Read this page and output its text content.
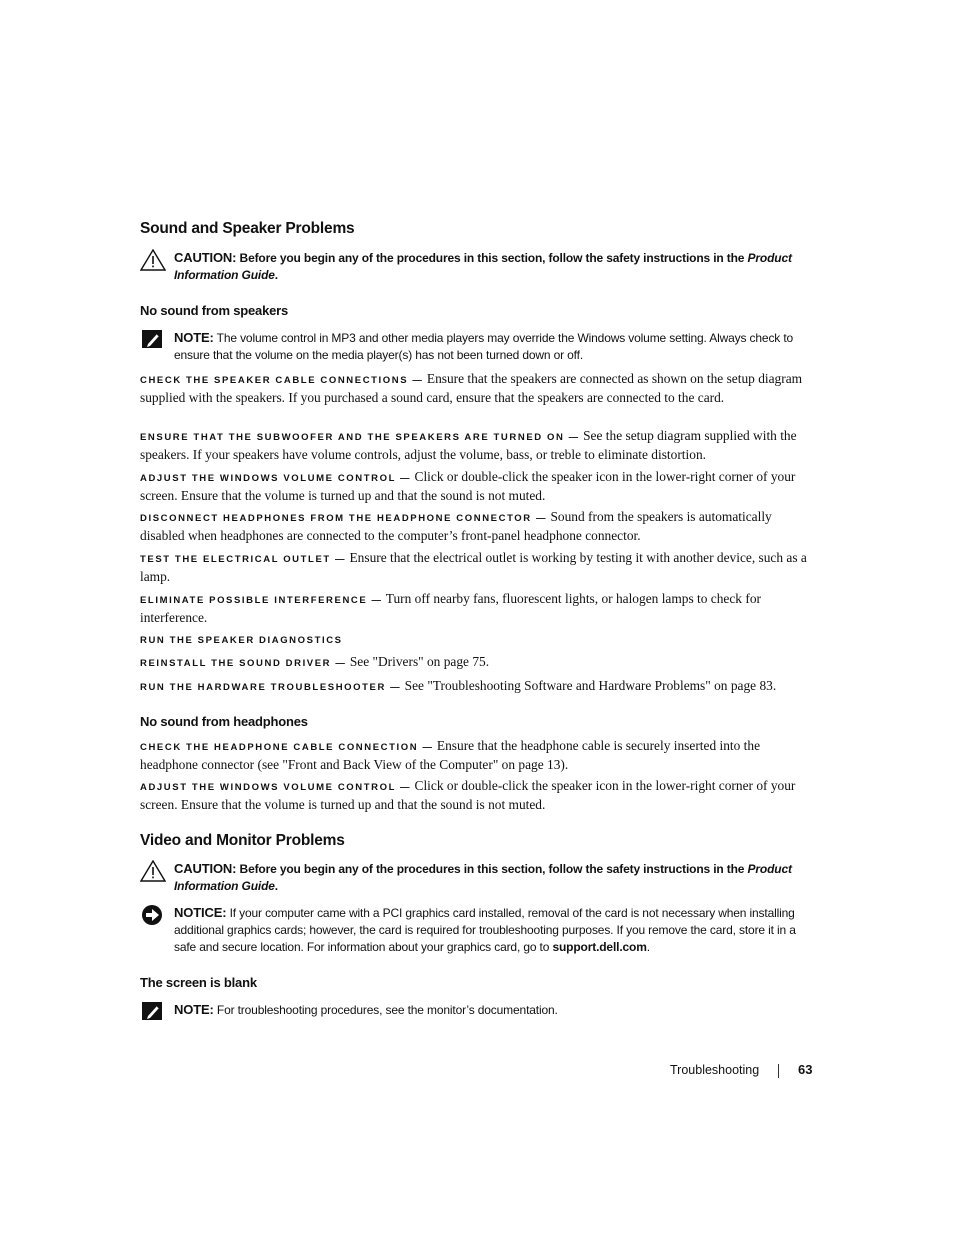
Sound and Speaker Problems
CAUTION: Before you begin any of the procedures in this section, follow the safety instructions in the Product Information Guide.
No sound from speakers
NOTE: The volume control in MP3 and other media players may override the Windows volume setting. Always check to ensure that the volume on the media player(s) has not been turned down or off.
CHECK THE SPEAKER CABLE CONNECTIONS — Ensure that the speakers are connected as shown on the setup diagram supplied with the speakers. If you purchased a sound card, ensure that the speakers are connected to the card.
ENSURE THAT THE SUBWOOFER AND THE SPEAKERS ARE TURNED ON — See the setup diagram supplied with the speakers. If your speakers have volume controls, adjust the volume, bass, or treble to eliminate distortion.
ADJUST THE WINDOWS VOLUME CONTROL — Click or double-click the speaker icon in the lower-right corner of your screen. Ensure that the volume is turned up and that the sound is not muted.
DISCONNECT HEADPHONES FROM THE HEADPHONE CONNECTOR — Sound from the speakers is automatically disabled when headphones are connected to the computer’s front-panel headphone connector.
TEST THE ELECTRICAL OUTLET — Ensure that the electrical outlet is working by testing it with another device, such as a lamp.
ELIMINATE POSSIBLE INTERFERENCE — Turn off nearby fans, fluorescent lights, or halogen lamps to check for interference.
RUN THE SPEAKER DIAGNOSTICS
REINSTALL THE SOUND DRIVER — See "Drivers" on page 75.
RUN THE HARDWARE TROUBLESHOOTER — See "Troubleshooting Software and Hardware Problems" on page 83.
No sound from headphones
CHECK THE HEADPHONE CABLE CONNECTION — Ensure that the headphone cable is securely inserted into the headphone connector (see "Front and Back View of the Computer" on page 13).
ADJUST THE WINDOWS VOLUME CONTROL — Click or double-click the speaker icon in the lower-right corner of your screen. Ensure that the volume is turned up and that the sound is not muted.
Video and Monitor Problems
CAUTION: Before you begin any of the procedures in this section, follow the safety instructions in the Product Information Guide.
NOTICE: If your computer came with a PCI graphics card installed, removal of the card is not necessary when installing additional graphics cards; however, the card is required for troubleshooting purposes. If you remove the card, store it in a safe and secure location. For information about your graphics card, go to support.dell.com.
The screen is blank
NOTE: For troubleshooting procedures, see the monitor’s documentation.
Troubleshooting	63
